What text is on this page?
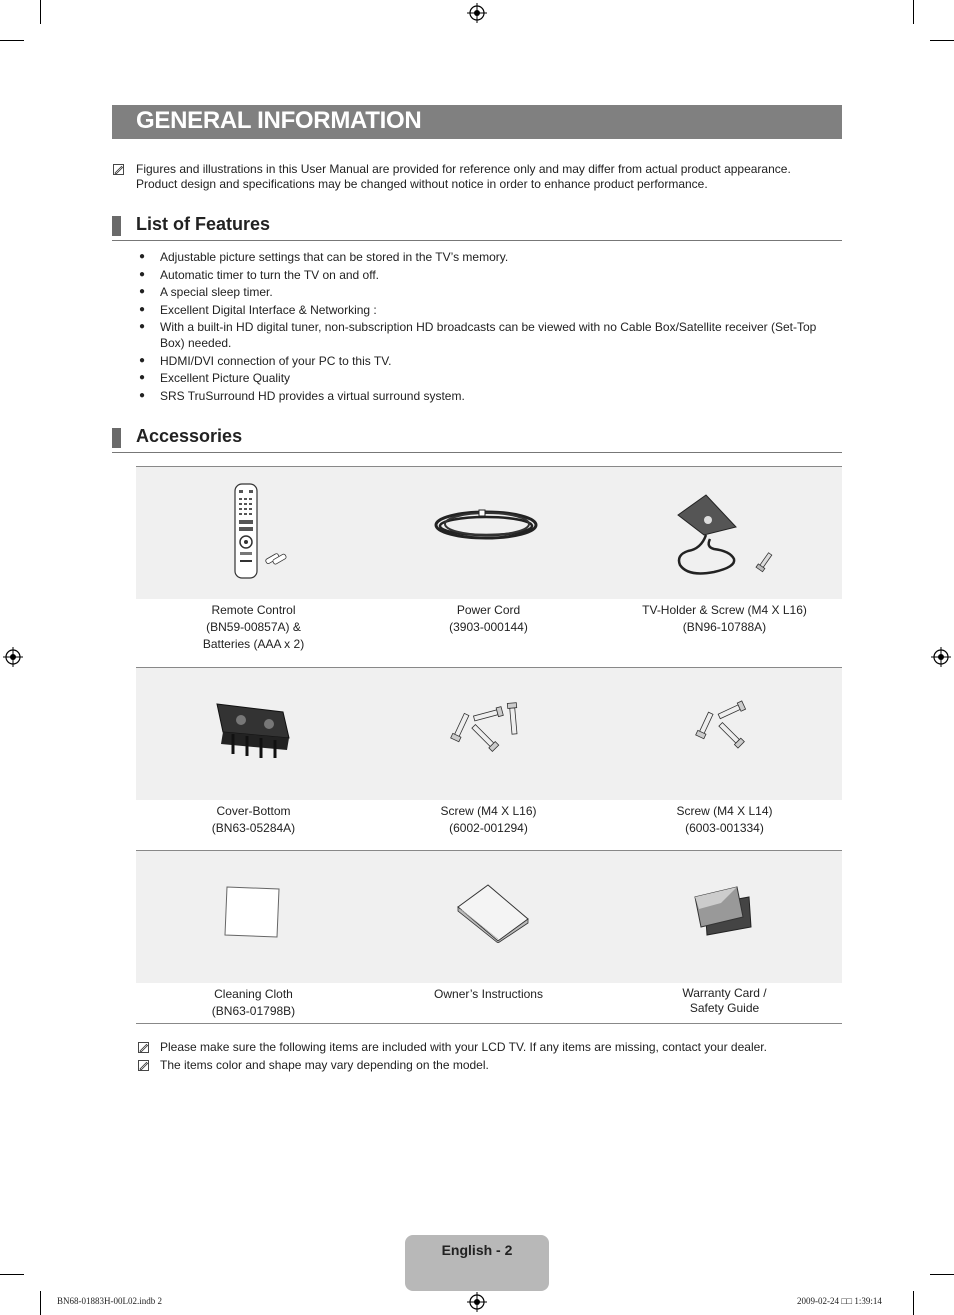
GENERAL INFORMATION
Figures and illustrations in this User Manual are provided for reference only and may differ from actual product appearance.
Product design and specifications may be changed without notice in order to enhance product performance.
List of Features
● Adjustable picture settings that can be stored in the TV’s memory.
● Automatic timer to turn the TV on and off.
● A special sleep timer.
● Excellent Digital Interface & Networking :
● With a built-in HD digital tuner, non-subscription HD broadcasts can be viewed with no Cable Box/Satellite receiver (Set-Top Box) needed.
● HDMI/DVI connection of your PC to this TV.
● Excellent Picture Quality
● SRS TruSurround HD provides a virtual surround system.
Accessories
Remote Control
(BN59-00857A) &
Batteries (AAA x 2)
Power Cord
(3903-000144)
TV-Holder & Screw (M4 X L16)
(BN96-10788A)
Cover-Bottom
(BN63-05284A)
Screw (M4 X L16)
(6002-001294)
Screw (M4 X L14)
(6003-001334)
Cleaning Cloth
(BN63-01798B)
Owner’s Instructions	Warranty Card /
Safety Guide
Please make sure the following items are included with your LCD TV. If any items are missing, contact your dealer.
The items color and shape may vary depending on the model.
English - 2
BN68-01883H-00L02.indb 2	2009-02-24 □□ 1:39:14
